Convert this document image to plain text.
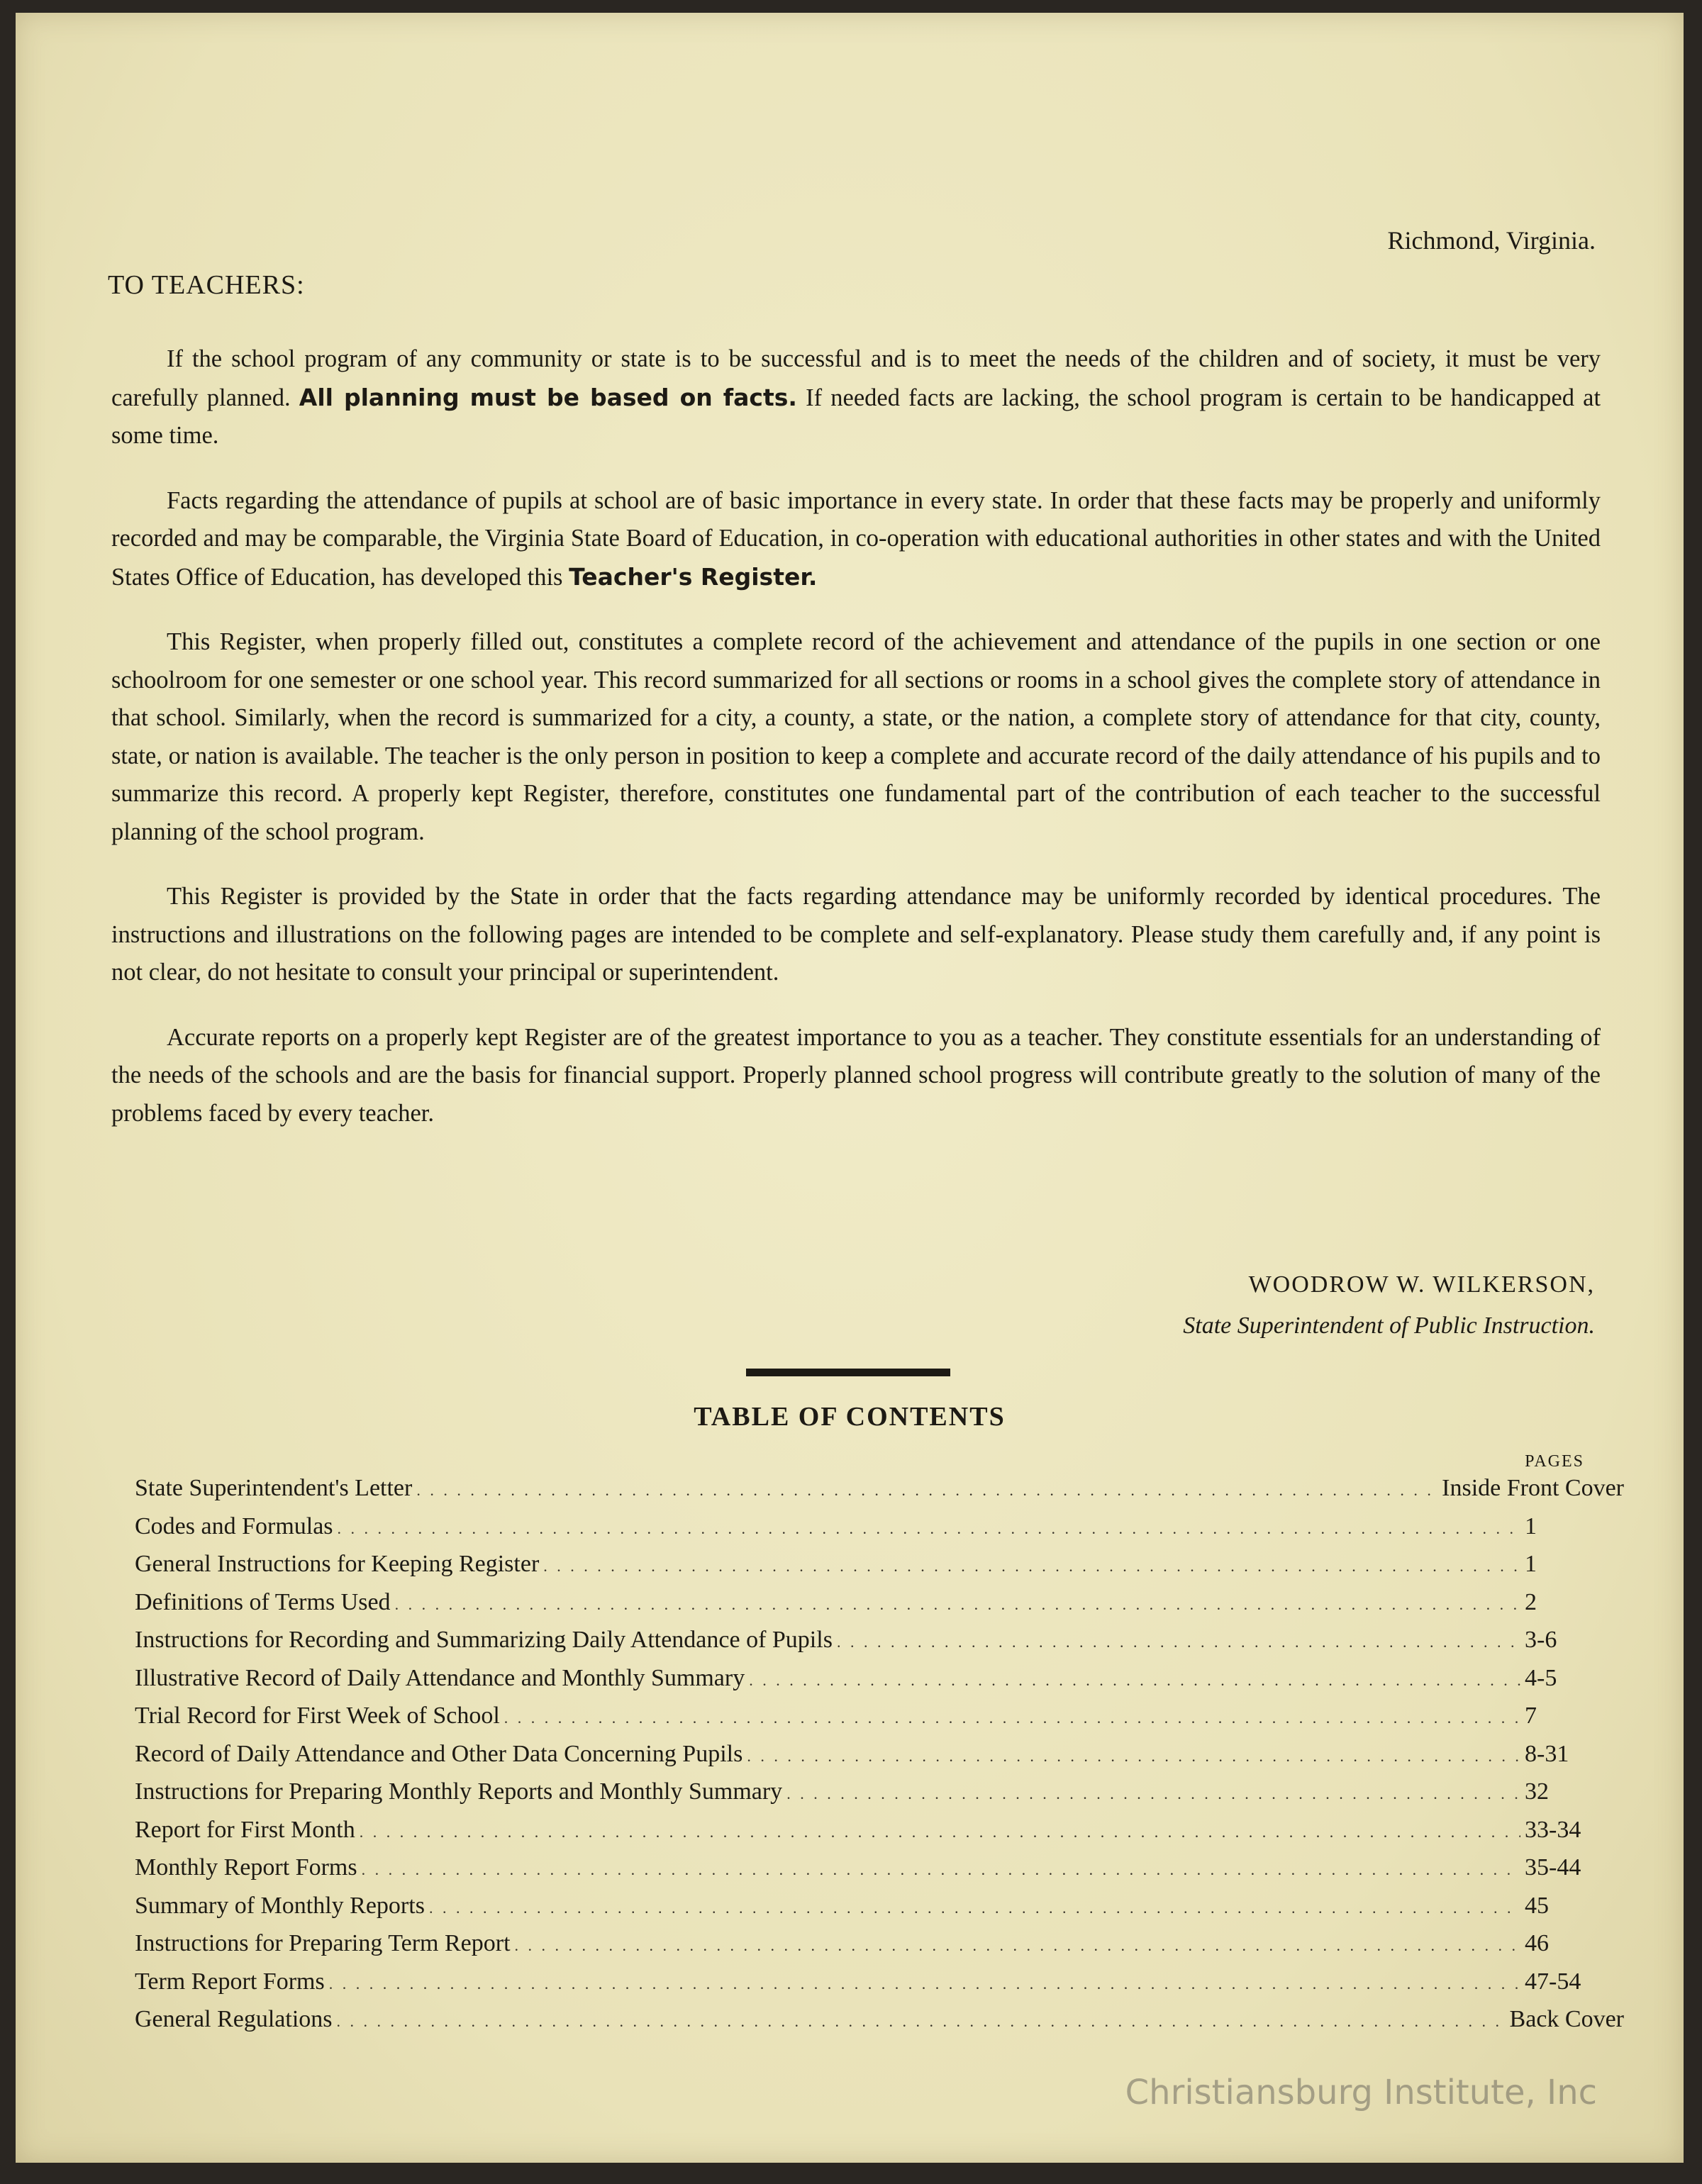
Richmond, Virginia.
TO TEACHERS:

If the school program of any community or state is to be successful and is to meet the needs of the children and of society, it must be very carefully planned. All planning must be based on facts. If needed facts are lacking, the school program is certain to be handicapped at some time.

Facts regarding the attendance of pupils at school are of basic importance in every state. In order that these facts may be properly and uniformly recorded and may be comparable, the Virginia State Board of Education, in co-operation with educational authorities in other states and with the United States Office of Education, has developed this Teacher's Register.

This Register, when properly filled out, constitutes a complete record of the achievement and attendance of the pupils in one section or one schoolroom for one semester or one school year. This record summarized for all sections or rooms in a school gives the complete story of attendance in that school. Similarly, when the record is summarized for a city, a county, a state, or the nation, a complete story of attendance for that city, county, state, or nation is available. The teacher is the only person in position to keep a complete and accurate record of the daily attendance of his pupils and to summarize this record. A properly kept Register, therefore, constitutes one fundamental part of the contribution of each teacher to the successful planning of the school program.

This Register is provided by the State in order that the facts regarding attendance may be uniformly recorded by identical procedures. The instructions and illustrations on the following pages are intended to be complete and self-explanatory. Please study them carefully and, if any point is not clear, do not hesitate to consult your principal or superintendent.

Accurate reports on a properly kept Register are of the greatest importance to you as a teacher. They constitute essentials for an understanding of the needs of the schools and are the basis for financial support. Properly planned school progress will contribute greatly to the solution of many of the problems faced by every teacher.

WOODROW W. WILKERSON,
State Superintendent of Public Instruction.
TABLE OF CONTENTS
PAGES
State Superintendent's Letter . . .	Inside Front Cover
Codes and Formulas . . .	1
General Instructions for Keeping Register . . .	1
Definitions of Terms Used . . .	2
Instructions for Recording and Summarizing Daily Attendance of Pupils . . .	3-6
Illustrative Record of Daily Attendance and Monthly Summary . . .	4-5
Trial Record for First Week of School . . .	7
Record of Daily Attendance and Other Data Concerning Pupils . . .	8-31
Instructions for Preparing Monthly Reports and Monthly Summary . . .	32
Report for First Month . . .	33-34
Monthly Report Forms . . .	35-44
Summary of Monthly Reports . . .	45
Instructions for Preparing Term Report . . .	46
Term Report Forms . . .	47-54
General Regulations . . .	Back Cover
Christiansburg Institute, Inc
